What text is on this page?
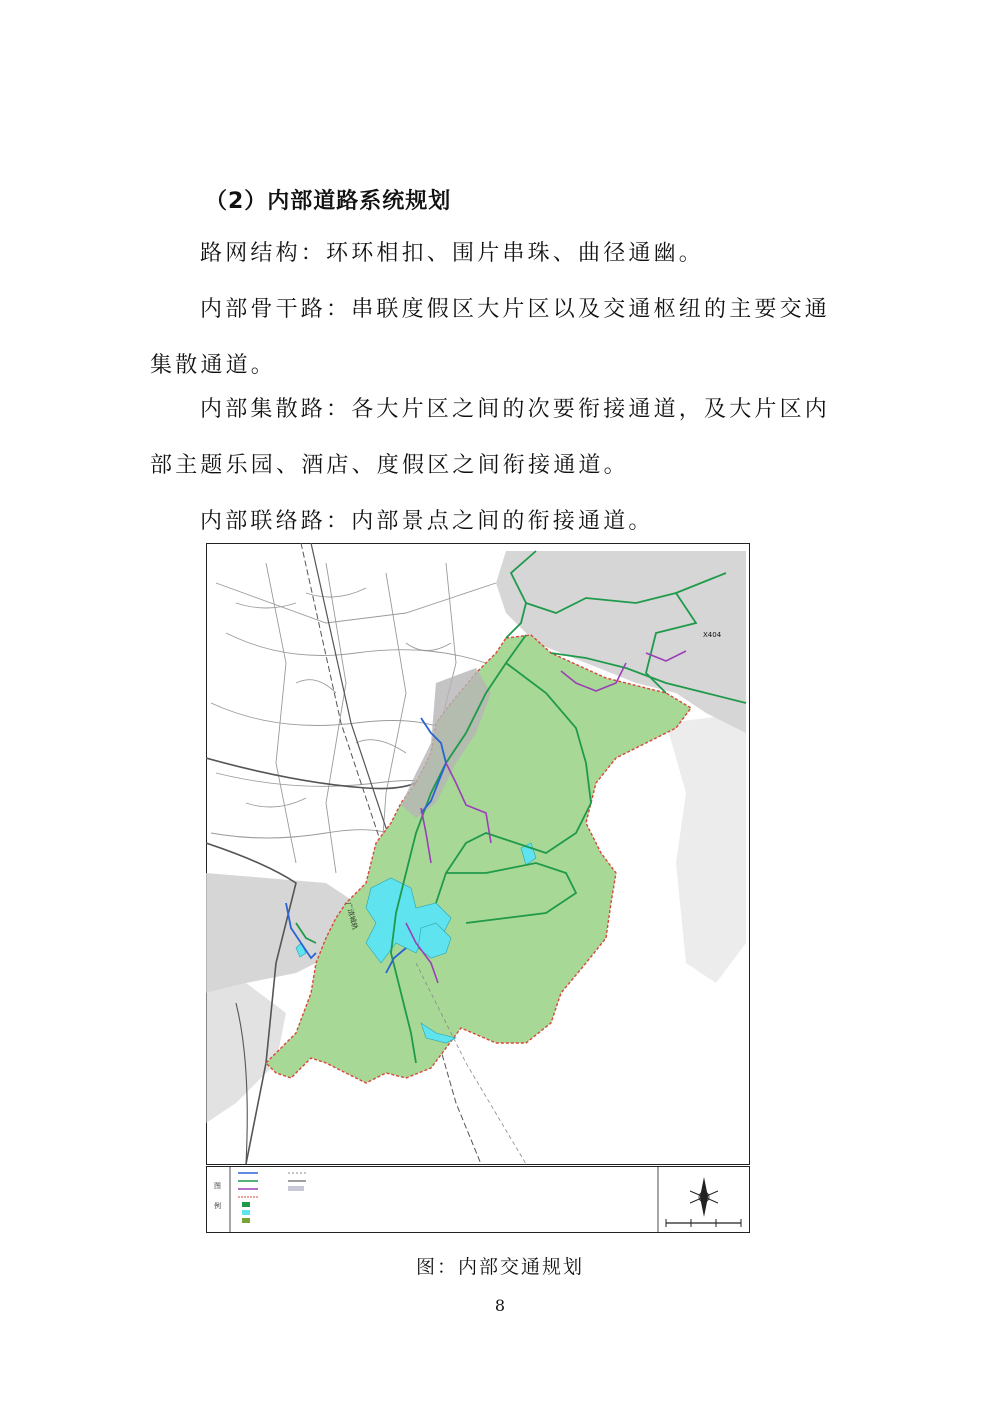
（2）内部道路系统规划

路网结构：环环相扣、围片串珠、曲径通幽。

内部骨干路：串联度假区大片区以及交通枢纽的主要交通集散通道。

内部集散路：各大片区之间的次要衔接通道，及大片区内部主题乐园、酒店、度假区之间衔接通道。

内部联络路：内部景点之间的衔接通道。

X404
广清城轨
图
例
图：内部交通规划
8
